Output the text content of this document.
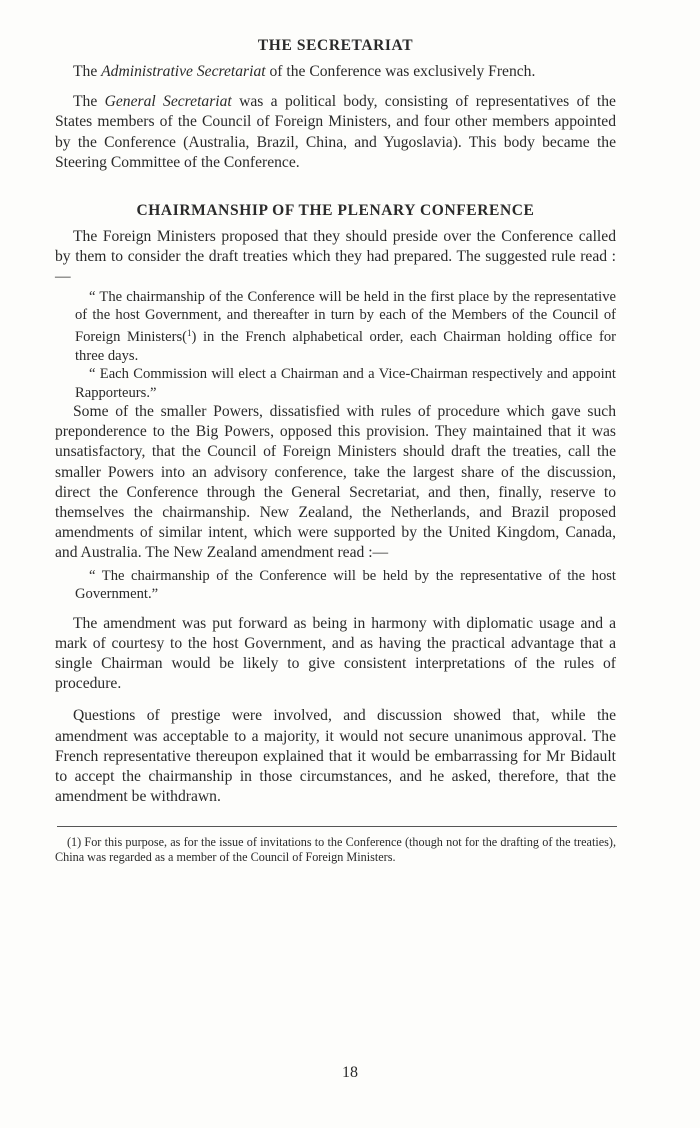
THE SECRETARIAT

The Administrative Secretariat of the Conference was exclusively French.

The General Secretariat was a political body, consisting of representatives of the States members of the Council of Foreign Ministers, and four other members appointed by the Conference (Australia, Brazil, China, and Yugoslavia). This body became the Steering Committee of the Conference.

CHAIRMANSHIP OF THE PLENARY CONFERENCE

The Foreign Ministers proposed that they should preside over the Conference called by them to consider the draft treaties which they had prepared. The suggested rule read :—

“ The chairmanship of the Conference will be held in the first place by the representative of the host Government, and thereafter in turn by each of the Members of the Council of Foreign Ministers($^1$) in the French alphabetical order, each Chairman holding office for three days.

“ Each Commission will elect a Chairman and a Vice-Chairman respectively and appoint Rapporteurs.”

Some of the smaller Powers, dissatisfied with rules of procedure which gave such preponderence to the Big Powers, opposed this provision. They maintained that it was unsatisfactory, that the Council of Foreign Ministers should draft the treaties, call the smaller Powers into an advisory conference, take the largest share of the discussion, direct the Conference through the General Secretariat, and then, finally, reserve to themselves the chairmanship. New Zealand, the Netherlands, and Brazil proposed amendments of similar intent, which were supported by the United Kingdom, Canada, and Australia. The New Zealand amendment read :—

“ The chairmanship of the Conference will be held by the representative of the host Government.”

The amendment was put forward as being in harmony with diplomatic usage and a mark of courtesy to the host Government, and as having the practical advantage that a single Chairman would be likely to give consistent interpretations of the rules of procedure.

Questions of prestige were involved, and discussion showed that, while the amendment was acceptable to a majority, it would not secure unanimous approval. The French representative thereupon explained that it would be embarrassing for Mr Bidault to accept the chairmanship in those circumstances, and he asked, therefore, that the amendment be withdrawn.

(1) For this purpose, as for the issue of invitations to the Conference (though not for the drafting of the treaties), China was regarded as a member of the Council of Foreign Ministers.

18
